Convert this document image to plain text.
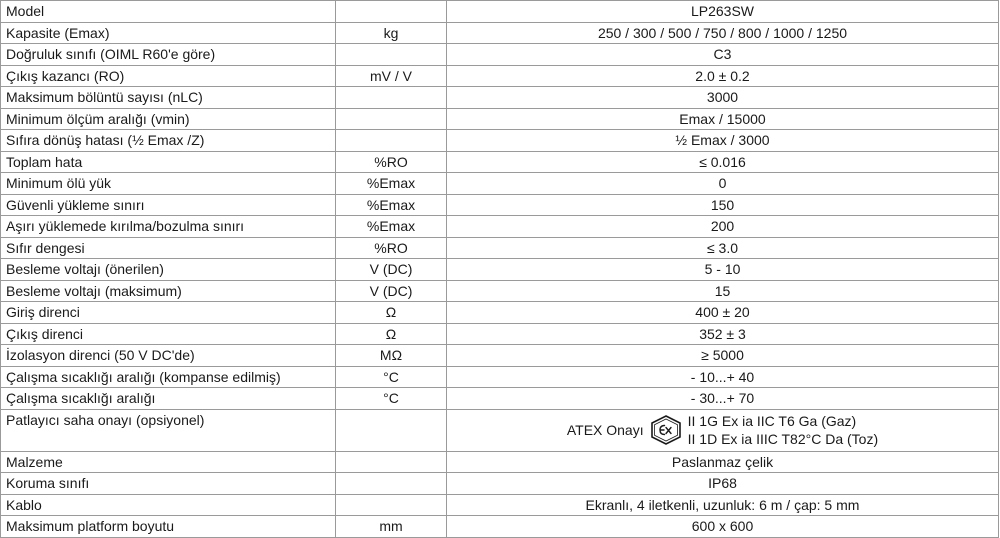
Model		LP263SW
Kapasite (Emax)	kg	250 / 300 / 500 / 750 / 800 / 1000 / 1250
Doğruluk sınıfı (OIML R60'e göre)		C3
Çıkış kazancı (RO)	mV / V	2.0 ± 0.2
Maksimum bölüntü sayısı (nLC)		3000
Minimum ölçüm aralığı (vmin)		Emax / 15000
Sıfıra dönüş hatası (½ Emax /Z)		½ Emax / 3000
Toplam hata	%RO	≤ 0.016
Minimum ölü yük	%Emax	0
Güvenli yükleme sınırı	%Emax	150
Aşırı yüklemede kırılma/bozulma sınırı	%Emax	200
Sıfır dengesi	%RO	≤ 3.0
Besleme voltajı (önerilen)	V (DC)	5 - 10
Besleme voltajı (maksimum)	V (DC)	15
Giriş direnci	Ω	400 ± 20
Çıkış direnci	Ω	352 ± 3
İzolasyon direnci (50 V DC'de)	MΩ	≥ 5000
Çalışma sıcaklığı aralığı (kompanse edilmiş)	°C	- 10...+ 40
Çalışma sıcaklığı aralığı	°C	- 30...+ 70
Patlayıcı saha onayı (opsiyonel)		ATEX Onayı
II 1G Ex ia IIC T6 Ga (Gaz)
II 1D Ex ia IIIC T82°C Da (Toz)

Malzeme		Paslanmaz çelik
Koruma sınıfı		IP68
Kablo		Ekranlı, 4 iletkenli, uzunluk: 6 m / çap: 5 mm
Maksimum platform boyutu	mm	600 x 600
